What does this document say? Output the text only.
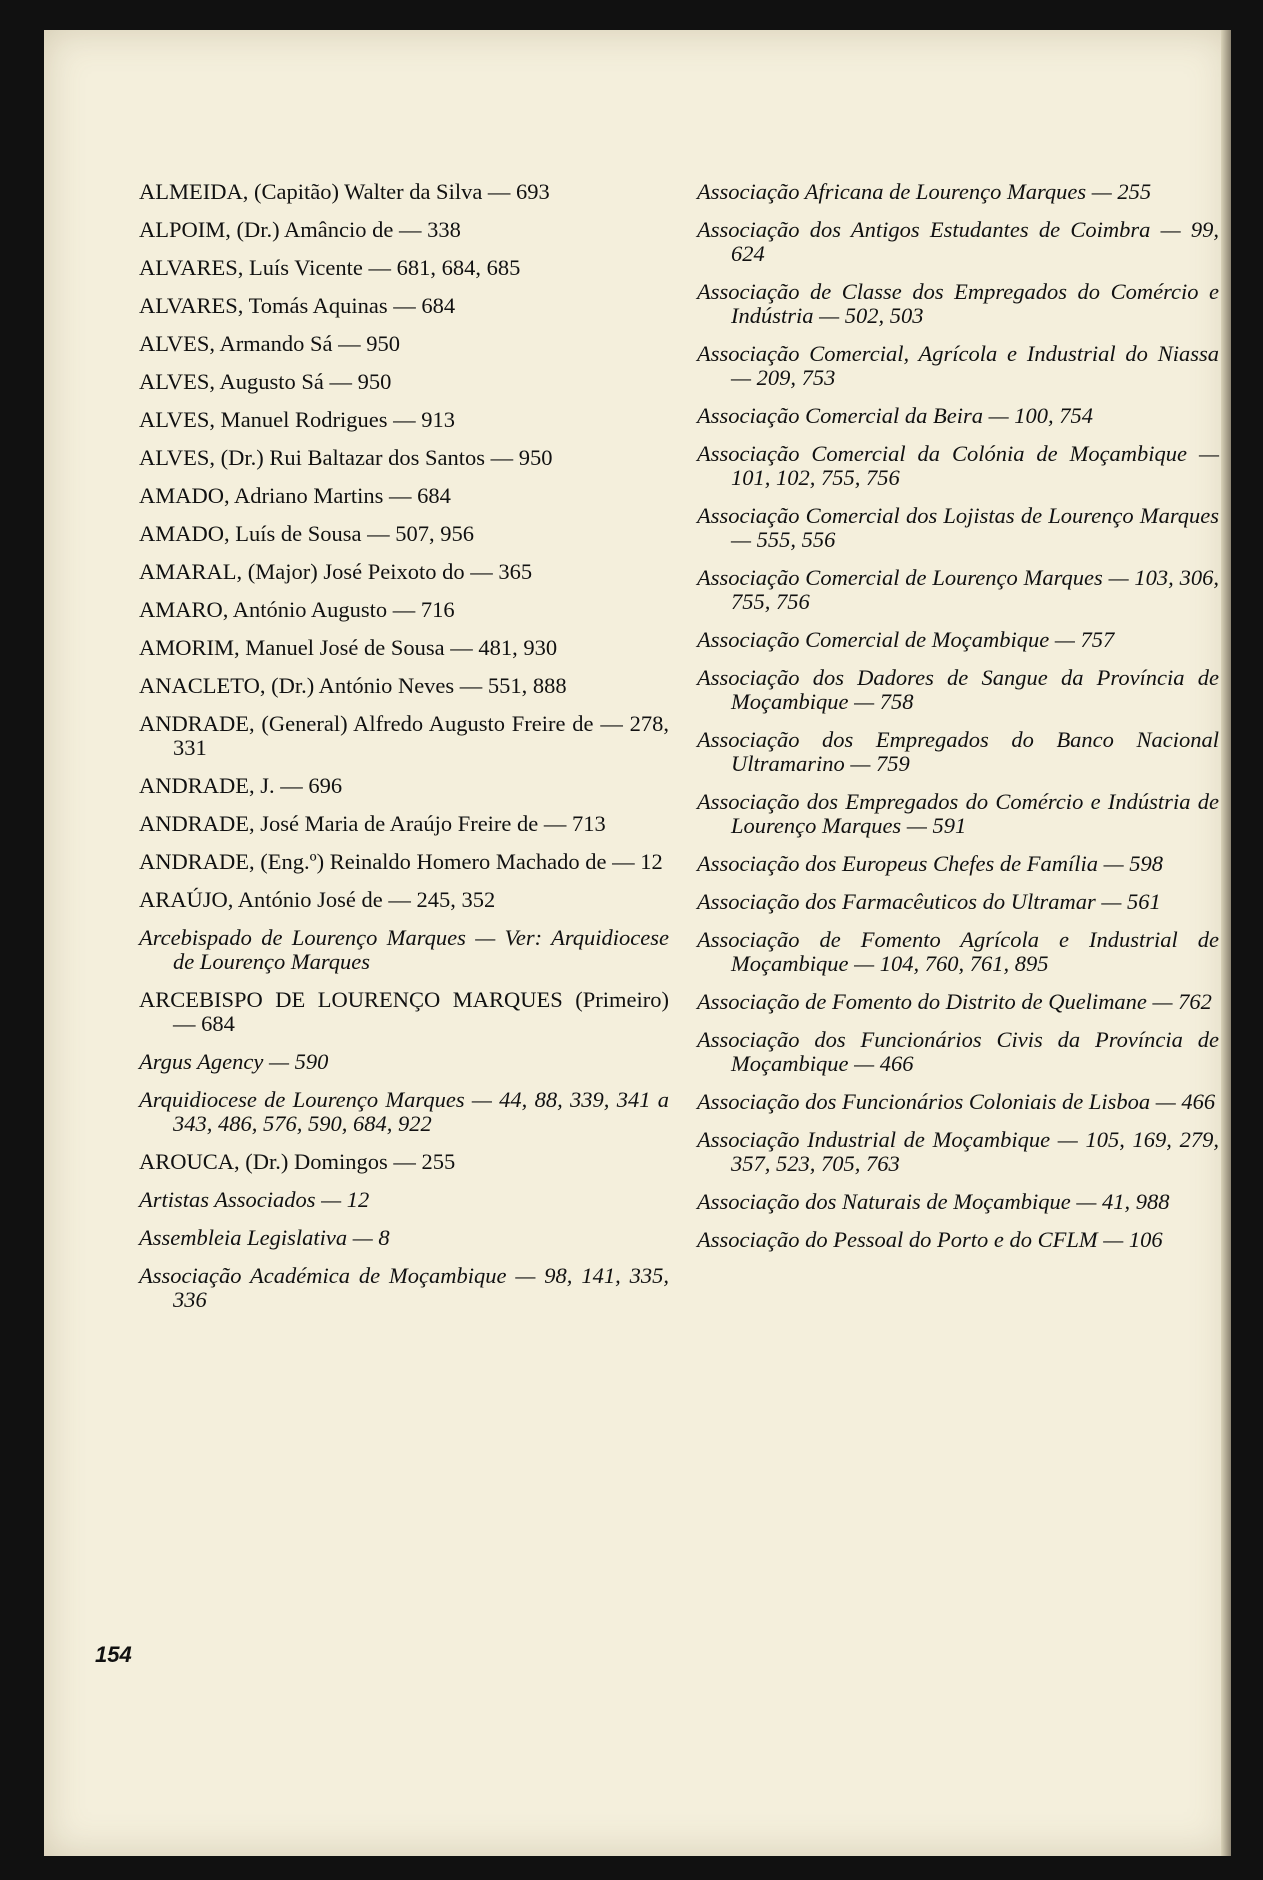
ALMEIDA, (Capitão) Walter da Silva — 693

ALPOIM, (Dr.) Amâncio de — 338

ALVARES, Luís Vicente — 681, 684, 685

ALVARES, Tomás Aquinas — 684

ALVES, Armando Sá — 950

ALVES, Augusto Sá — 950

ALVES, Manuel Rodrigues — 913

ALVES, (Dr.) Rui Baltazar dos Santos — 950

AMADO, Adriano Martins — 684

AMADO, Luís de Sousa — 507, 956

AMARAL, (Major) José Peixoto do — 365

AMARO, António Augusto — 716

AMORIM, Manuel José de Sousa — 481, 930

ANACLETO, (Dr.) António Neves — 551, 888

ANDRADE, (General) Alfredo Augusto Freire de — 278, 331

ANDRADE, J. — 696

ANDRADE, José Maria de Araújo Freire de — 713

ANDRADE, (Eng.º) Reinaldo Homero Machado de — 12

ARAÚJO, António José de — 245, 352

Arcebispado de Lourenço Marques — Ver: Arquidiocese de Lourenço Marques

ARCEBISPO DE LOURENÇO MARQUES (Primeiro) — 684

Argus Agency — 590

Arquidiocese de Lourenço Marques — 44, 88, 339, 341 a 343, 486, 576, 590, 684, 922

AROUCA, (Dr.) Domingos — 255

Artistas Associados — 12

Assembleia Legislativa — 8

Associação Académica de Moçambique — 98, 141, 335, 336

Associação Africana de Lourenço Marques — 255

Associação dos Antigos Estudantes de Coimbra — 99, 624

Associação de Classe dos Empregados do Comércio e Indústria — 502, 503

Associação Comercial, Agrícola e Industrial do Niassa — 209, 753

Associação Comercial da Beira — 100, 754

Associação Comercial da Colónia de Moçambique — 101, 102, 755, 756

Associação Comercial dos Lojistas de Lourenço Marques — 555, 556

Associação Comercial de Lourenço Marques — 103, 306, 755, 756

Associação Comercial de Moçambique — 757

Associação dos Dadores de Sangue da Província de Moçambique — 758

Associação dos Empregados do Banco Nacional Ultramarino — 759

Associação dos Empregados do Comércio e Indústria de Lourenço Marques — 591

Associação dos Europeus Chefes de Família — 598

Associação dos Farmacêuticos do Ultramar — 561

Associação de Fomento Agrícola e Industrial de Moçambique — 104, 760, 761, 895

Associação de Fomento do Distrito de Quelimane — 762

Associação dos Funcionários Civis da Província de Moçambique — 466

Associação dos Funcionários Coloniais de Lisboa — 466

Associação Industrial de Moçambique — 105, 169, 279, 357, 523, 705, 763

Associação dos Naturais de Moçambique — 41, 988

Associação do Pessoal do Porto e do CFLM — 106

154
